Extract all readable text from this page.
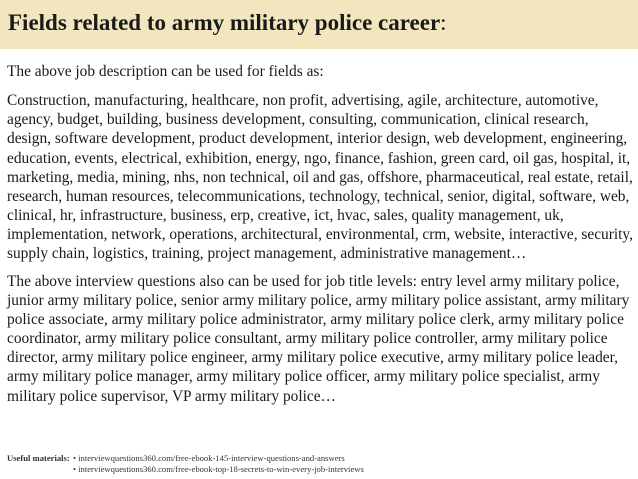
Fields related to army military police career:

The above job description can be used for fields as:

Construction, manufacturing, healthcare, non profit, advertising, agile, architecture, automotive, agency, budget, building, business development, consulting, communication, clinical research, design, software development, product development, interior design, web development, engineering, education, events, electrical, exhibition, energy, ngo, finance, fashion, green card, oil gas, hospital, it, marketing, media, mining, nhs, non technical, oil and gas, offshore, pharmaceutical, real estate, retail, research, human resources, telecommunications, technology, technical, senior, digital, software, web, clinical, hr, infrastructure, business, erp, creative, ict, hvac, sales, quality management, uk, implementation, network, operations, architectural, environmental, crm, website, interactive, security, supply chain, logistics, training, project management, administrative management…

The above interview questions also can be used for job title levels: entry level army military police, junior army military police, senior army military police, army military police assistant, army military police associate, army military police administrator, army military police clerk, army military police coordinator, army military police consultant, army military police controller, army military police director, army military police engineer, army military police executive, army military police leader, army military police manager, army military police officer, army military police specialist, army military police supervisor, VP army military police…

Useful materials: • interviewquestions360.com/free-ebook-145-interview-questions-and-answers
• interviewquestions360.com/free-ebook-top-18-secrets-to-win-every-job-interviews
